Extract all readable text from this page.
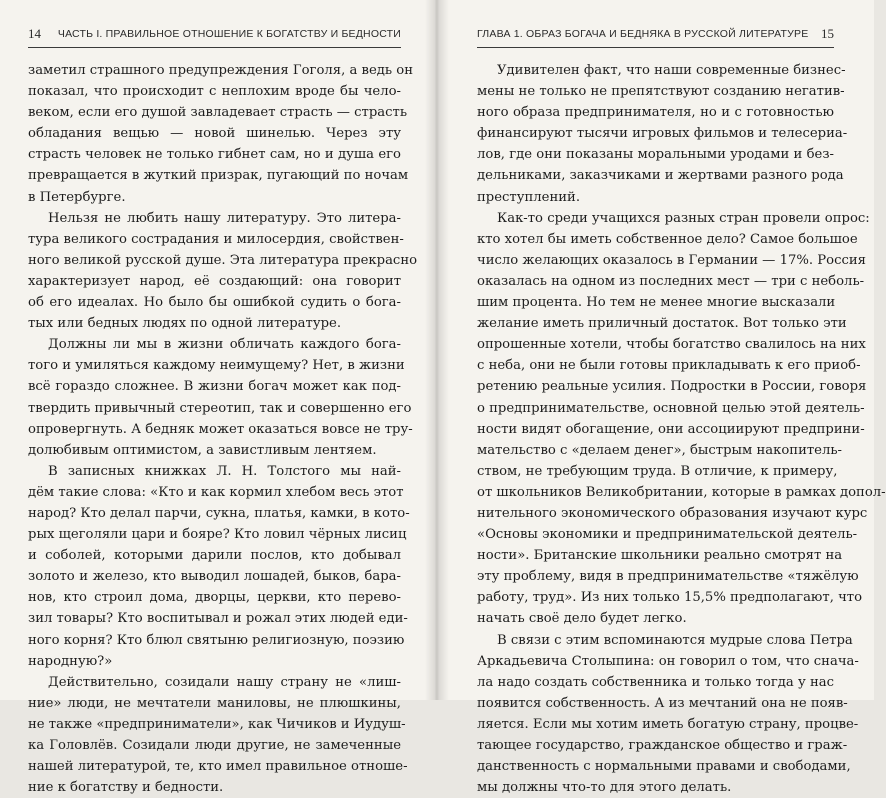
14 ЧАСТЬ I. ПРАВИЛЬНОЕ ОТНОШЕНИЕ К БОГАТСТВУ И БЕДНОСТИ
заметил страшного предупреждения Гоголя, а ведь он
показал, что происходит с неплохим вроде бы чело-
веком, если его душой завладевает страсть — страсть
обладания вещью — новой шинелью. Через эту
страсть человек не только гибнет сам, но и душа его
превращается в жуткий призрак, пугающий по ночам
в Петербурге.
Нельзя не любить нашу литературу. Это литера-
тура великого сострадания и милосердия, свойствен-
ного великой русской душе. Эта литература прекрасно
характеризует народ, её создающий: она говорит
об его идеалах. Но было бы ошибкой судить о бога-
тых или бедных людях по одной литературе.
Должны ли мы в жизни обличать каждого бога-
того и умиляться каждому неимущему? Нет, в жизни
всё гораздо сложнее. В жизни богач может как под-
твердить привычный стереотип, так и совершенно его
опровергнуть. А бедняк может оказаться вовсе не тру-
долюбивым оптимистом, а завистливым лентяем.
В записных книжках Л. Н. Толстого мы най-
дём такие слова: «Кто и как кормил хлебом весь этот
народ? Кто делал парчи, сукна, платья, камки, в кото-
рых щеголяли цари и бояре? Кто ловил чёрных лисиц
и соболей, которыми дарили послов, кто добывал
золото и железо, кто выводил лошадей, быков, бара-
нов, кто строил дома, дворцы, церкви, кто перево-
зил товары? Кто воспитывал и рожал этих людей еди-
ного корня? Кто блюл святыню религиозную, поэзию
народную?»
Действительно, созидали нашу страну не «лиш-
ние» люди, не мечтатели маниловы, не плюшкины,
не также «предприниматели», как Чичиков и Иудуш-
ка Головлёв. Созидали люди другие, не замеченные
нашей литературой, те, кто имел правильное отноше-
ние к богатству и бедности.
ГЛАВА 1. ОБРАЗ БОГАЧА И БЕДНЯКА В РУССКОЙ ЛИТЕРАТУРЕ 15
Удивителен факт, что наши современные бизнес-
мены не только не препятствуют созданию негатив-
ного образа предпринимателя, но и с готовностью
финансируют тысячи игровых фильмов и телесериа-
лов, где они показаны моральными уродами и без-
дельниками, заказчиками и жертвами разного рода
преступлений.
Как-то среди учащихся разных стран провели опрос:
кто хотел бы иметь собственное дело? Самое большое
число желающих оказалось в Германии — 17%. Россия
оказалась на одном из последних мест — три с неболь-
шим процента. Но тем не менее многие высказали
желание иметь приличный достаток. Вот только эти
опрошенные хотели, чтобы богатство свалилось на них
с неба, они не были готовы прикладывать к его приоб-
ретению реальные усилия. Подростки в России, говоря
о предпринимательстве, основной целью этой деятель-
ности видят обогащение, они ассоциируют предприни-
мательство с «делаем денег», быстрым накопитель-
ством, не требующим труда. В отличие, к примеру,
от школьников Великобритании, которые в рамках допол-
нительного экономического образования изучают курс
«Основы экономики и предпринимательской деятель-
ности». Британские школьники реально смотрят на
эту проблему, видя в предпринимательстве «тяжёлую
работу, труд». Из них только 15,5% предполагают, что
начать своё дело будет легко.
В связи с этим вспоминаются мудрые слова Петра
Аркадьевича Столыпина: он говорил о том, что снача-
ла надо создать собственника и только тогда у нас
появится собственность. А из мечтаний она не появ-
ляется. Если мы хотим иметь богатую страну, процве-
тающее государство, гражданское общество и граж-
данственность с нормальными правами и свободами,
мы должны что-то для этого делать.
